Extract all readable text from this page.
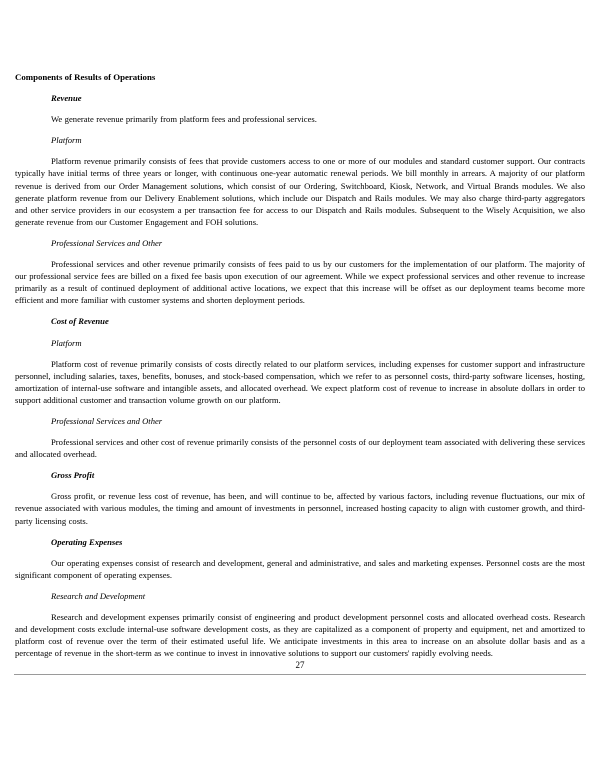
Components of Results of Operations

Revenue

We generate revenue primarily from platform fees and professional services.

Platform

Platform revenue primarily consists of fees that provide customers access to one or more of our modules and standard customer support. Our contracts typically have initial terms of three years or longer, with continuous one-year automatic renewal periods. We bill monthly in arrears. A majority of our platform revenue is derived from our Order Management solutions, which consist of our Ordering, Switchboard, Kiosk, Network, and Virtual Brands modules. We also generate platform revenue from our Delivery Enablement solutions, which include our Dispatch and Rails modules. We may also charge third-party aggregators and other service providers in our ecosystem a per transaction fee for access to our Dispatch and Rails modules. Subsequent to the Wisely Acquisition, we also generate revenue from our Customer Engagement and FOH solutions.

Professional Services and Other

Professional services and other revenue primarily consists of fees paid to us by our customers for the implementation of our platform. The majority of our professional service fees are billed on a fixed fee basis upon execution of our agreement. While we expect professional services and other revenue to increase primarily as a result of continued deployment of additional active locations, we expect that this increase will be offset as our deployment teams become more efficient and more familiar with customer systems and shorten deployment periods.

Cost of Revenue

Platform

Platform cost of revenue primarily consists of costs directly related to our platform services, including expenses for customer support and infrastructure personnel, including salaries, taxes, benefits, bonuses, and stock-based compensation, which we refer to as personnel costs, third-party software licenses, hosting, amortization of internal-use software and intangible assets, and allocated overhead. We expect platform cost of revenue to increase in absolute dollars in order to support additional customer and transaction volume growth on our platform.

Professional Services and Other

Professional services and other cost of revenue primarily consists of the personnel costs of our deployment team associated with delivering these services and allocated overhead.

Gross Profit

Gross profit, or revenue less cost of revenue, has been, and will continue to be, affected by various factors, including revenue fluctuations, our mix of revenue associated with various modules, the timing and amount of investments in personnel, increased hosting capacity to align with customer growth, and third-party licensing costs.

Operating Expenses

Our operating expenses consist of research and development, general and administrative, and sales and marketing expenses. Personnel costs are the most significant component of operating expenses.

Research and Development

Research and development expenses primarily consist of engineering and product development personnel costs and allocated overhead costs. Research and development costs exclude internal-use software development costs, as they are capitalized as a component of property and equipment, net and amortized to platform cost of revenue over the term of their estimated useful life. We anticipate investments in this area to increase on an absolute dollar basis and as a percentage of revenue in the short-term as we continue to invest in innovative solutions to support our customers' rapidly evolving needs.

27
